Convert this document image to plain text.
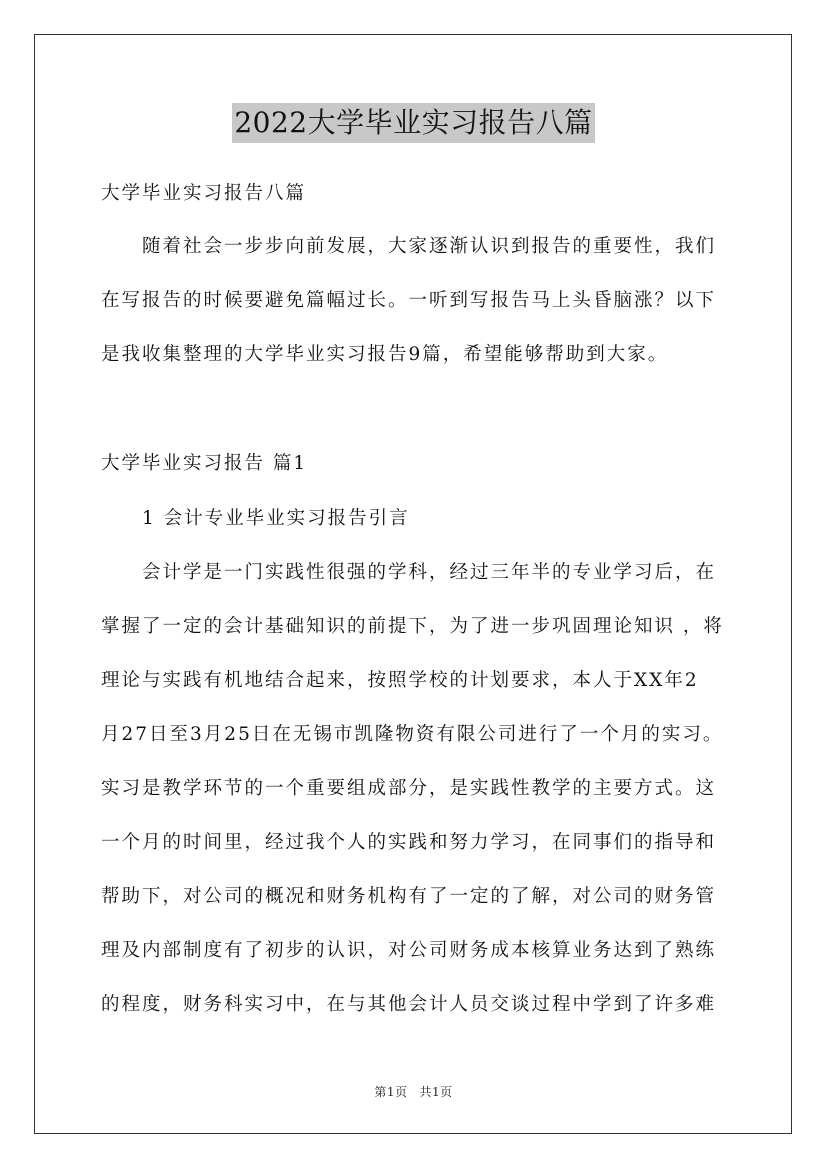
2022大学毕业实习报告八篇
大学毕业实习报告八篇
　　随着社会一步步向前发展，大家逐渐认识到报告的重要性，我们
在写报告的时候要避免篇幅过长。一听到写报告马上头昏脑涨？以下
是我收集整理的大学毕业实习报告9篇，希望能够帮助到大家。
大学毕业实习报告 篇1
　　1 会计专业毕业实习报告引言
　　会计学是一门实践性很强的学科，经过三年半的专业学习后，在
掌握了一定的会计基础知识的前提下，为了进一步巩固理论知识 ，将
理论与实践有机地结合起来，按照学校的计划要求，本人于XX年2
月27日至3月25日在无锡市凯隆物资有限公司进行了一个月的实习。
实习是教学环节的一个重要组成部分，是实践性教学的主要方式。这
一个月的时间里，经过我个人的实践和努力学习，在同事们的指导和
帮助下，对公司的概况和财务机构有了一定的了解，对公司的财务管
理及内部制度有了初步的认识，对公司财务成本核算业务达到了熟练
的程度，财务科实习中，在与其他会计人员交谈过程中学到了许多难
第1页 共1页
